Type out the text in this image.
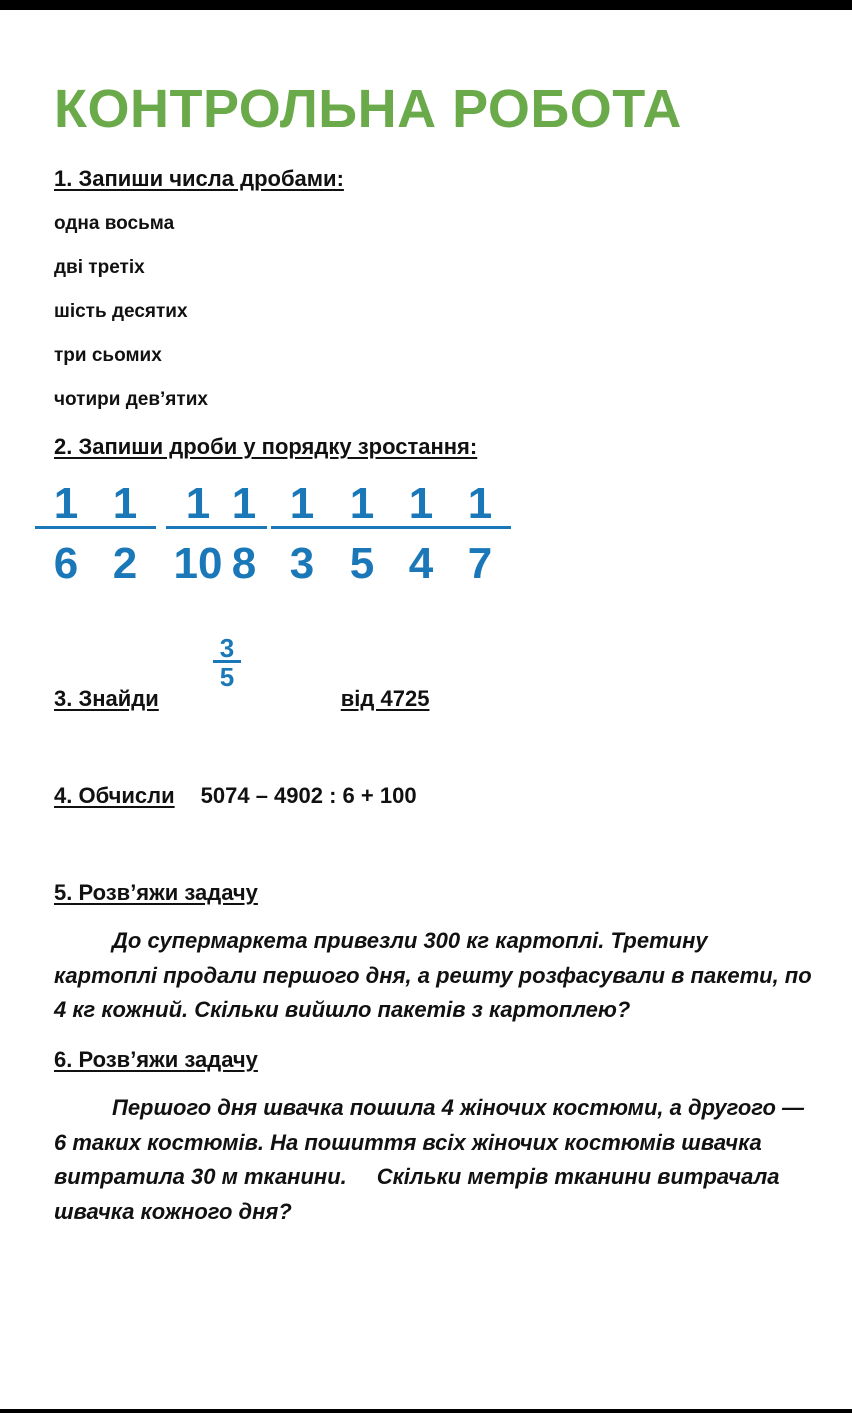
КОНТРОЛЬНА РОБОТА
1. Запиши числа дробами:
одна восьма
дві третіх
шість десятих
три сьомих
чотири дев’ятих
2. Запиши дроби у порядку зростання:
$\frac{1}{6}$
$\frac{1}{2} \frac{1}{10}$
$\frac{1}{8} \frac{1}{3}$
$\frac{1}{5}$
$\frac{1}{4}$
$\frac{1}{7}$
$\frac{3}{5}$
3. Знайди	від 4725
4. Обчисли 5074 – 4902 : 6 + 100
5. Розв’яжи задачу
До супермаркета привезли 300 кг картоплі. Третину
картоплі продали першого дня, а решту розфасували в пакети, по
4 кг кожний. Скільки вийшло пакетів з картоплею?
6. Розв’яжи задачу
Першого дня швачка пошила 4 жіночих костюми, а другого —
6 таких костюмів. На пошиття всіх жіночих костюмів швачка
витратила 30 м тканини. Скільки метрів тканини витрачала
швачка кожного дня?
